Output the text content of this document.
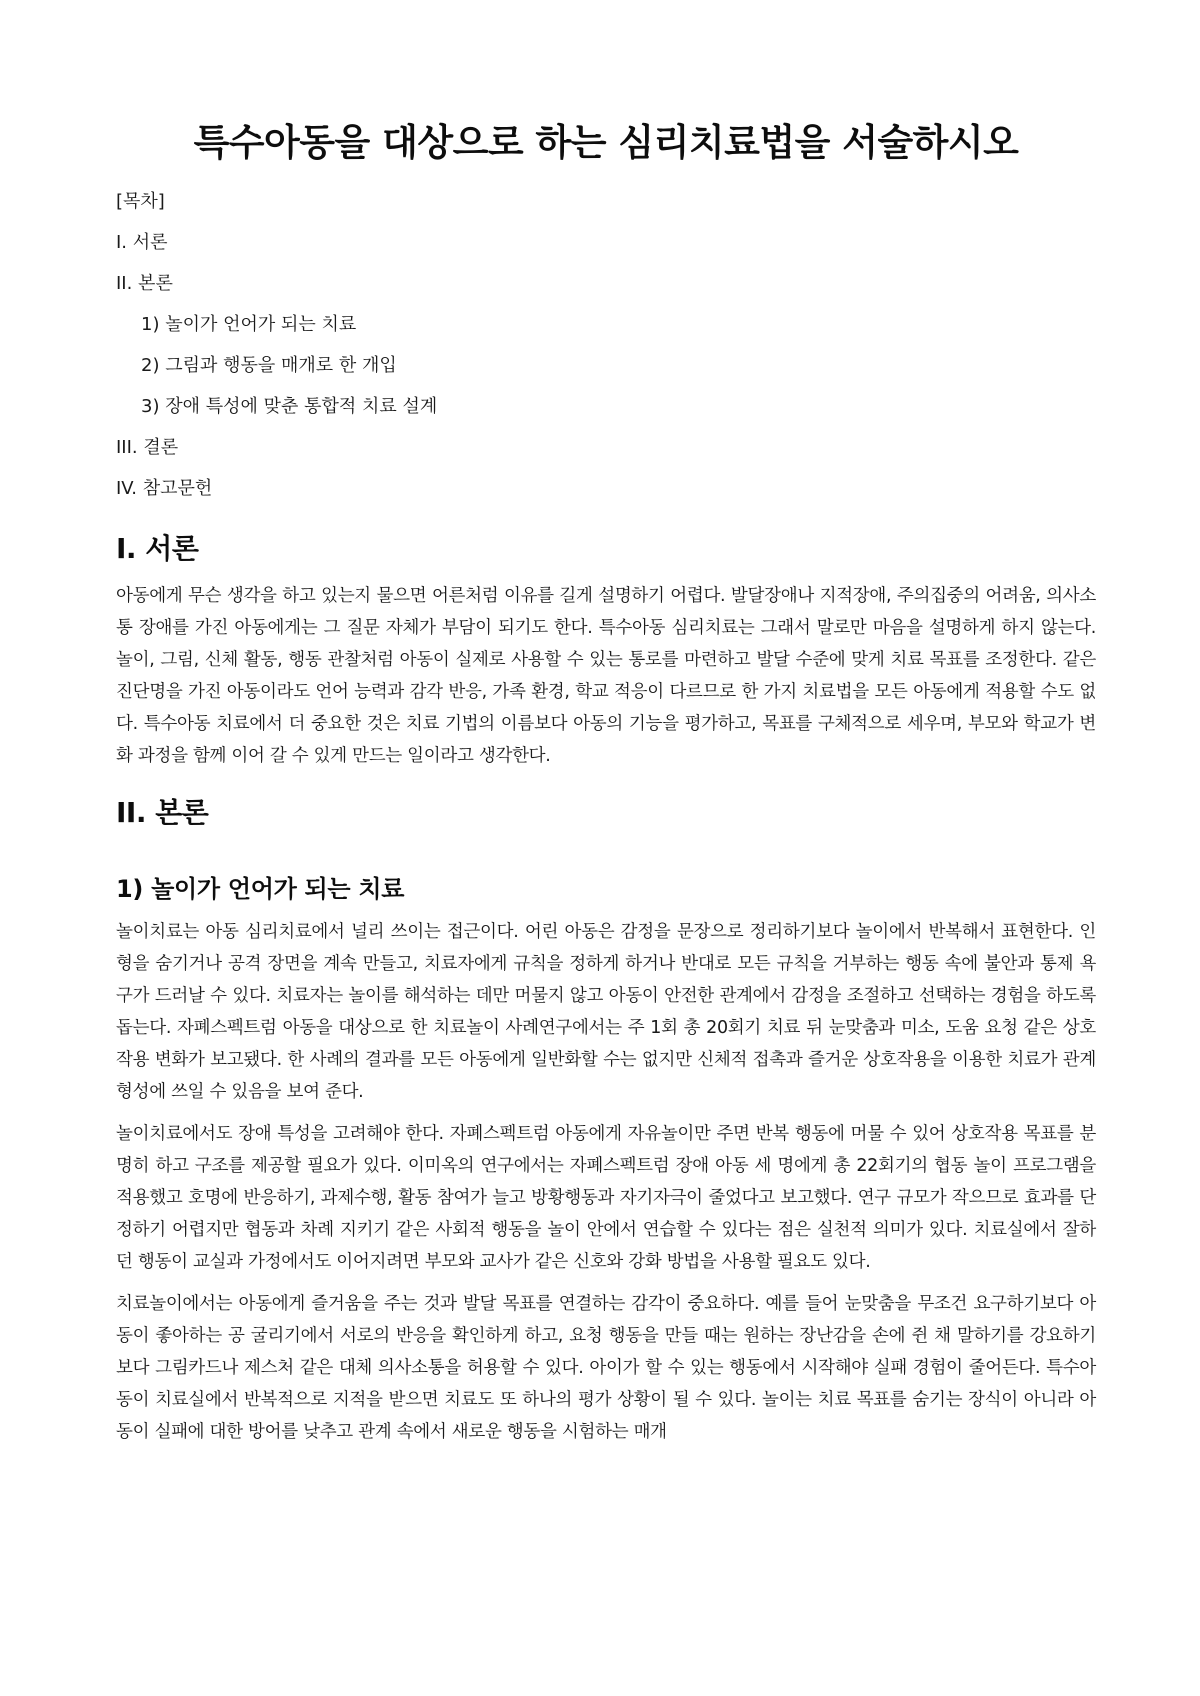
특수아동을 대상으로 하는 심리치료법을 서술하시오
[목차]
I. 서론
II. 본론
1) 놀이가 언어가 되는 치료
2) 그림과 행동을 매개로 한 개입
3) 장애 특성에 맞춘 통합적 치료 설계
III. 결론
IV. 참고문헌
I. 서론

아동에게 무슨 생각을 하고 있는지 물으면 어른처럼 이유를 길게 설명하기 어렵다. 발달장애나 지적장애, 주의집중의 어려움, 의사소통 장애를 가진 아동에게는 그 질문 자체가 부담이 되기도 한다. 특수아동 심리치료는 그래서 말로만 마음을 설명하게 하지 않는다. 놀이, 그림, 신체 활동, 행동 관찰처럼 아동이 실제로 사용할 수 있는 통로를 마련하고 발달 수준에 맞게 치료 목표를 조정한다. 같은 진단명을 가진 아동이라도 언어 능력과 감각 반응, 가족 환경, 학교 적응이 다르므로 한 가지 치료법을 모든 아동에게 적용할 수도 없다. 특수아동 치료에서 더 중요한 것은 치료 기법의 이름보다 아동의 기능을 평가하고, 목표를 구체적으로 세우며, 부모와 학교가 변화 과정을 함께 이어 갈 수 있게 만드는 일이라고 생각한다.

II. 본론
1) 놀이가 언어가 되는 치료

놀이치료는 아동 심리치료에서 널리 쓰이는 접근이다. 어린 아동은 감정을 문장으로 정리하기보다 놀이에서 반복해서 표현한다. 인형을 숨기거나 공격 장면을 계속 만들고, 치료자에게 규칙을 정하게 하거나 반대로 모든 규칙을 거부하는 행동 속에 불안과 통제 욕구가 드러날 수 있다. 치료자는 놀이를 해석하는 데만 머물지 않고 아동이 안전한 관계에서 감정을 조절하고 선택하는 경험을 하도록 돕는다. 자폐스펙트럼 아동을 대상으로 한 치료놀이 사례연구에서는 주 1회 총 20회기 치료 뒤 눈맞춤과 미소, 도움 요청 같은 상호작용 변화가 보고됐다. 한 사례의 결과를 모든 아동에게 일반화할 수는 없지만 신체적 접촉과 즐거운 상호작용을 이용한 치료가 관계 형성에 쓰일 수 있음을 보여 준다.

놀이치료에서도 장애 특성을 고려해야 한다. 자폐스펙트럼 아동에게 자유놀이만 주면 반복 행동에 머물 수 있어 상호작용 목표를 분명히 하고 구조를 제공할 필요가 있다. 이미옥의 연구에서는 자폐스펙트럼 장애 아동 세 명에게 총 22회기의 협동 놀이 프로그램을 적용했고 호명에 반응하기, 과제수행, 활동 참여가 늘고 방황행동과 자기자극이 줄었다고 보고했다. 연구 규모가 작으므로 효과를 단정하기 어렵지만 협동과 차례 지키기 같은 사회적 행동을 놀이 안에서 연습할 수 있다는 점은 실천적 의미가 있다. 치료실에서 잘하던 행동이 교실과 가정에서도 이어지려면 부모와 교사가 같은 신호와 강화 방법을 사용할 필요도 있다.

치료놀이에서는 아동에게 즐거움을 주는 것과 발달 목표를 연결하는 감각이 중요하다. 예를 들어 눈맞춤을 무조건 요구하기보다 아동이 좋아하는 공 굴리기에서 서로의 반응을 확인하게 하고, 요청 행동을 만들 때는 원하는 장난감을 손에 쥔 채 말하기를 강요하기보다 그림카드나 제스처 같은 대체 의사소통을 허용할 수 있다. 아이가 할 수 있는 행동에서 시작해야 실패 경험이 줄어든다. 특수아동이 치료실에서 반복적으로 지적을 받으면 치료도 또 하나의 평가 상황이 될 수 있다. 놀이는 치료 목표를 숨기는 장식이 아니라 아동이 실패에 대한 방어를 낮추고 관계 속에서 새로운 행동을 시험하는 매개
